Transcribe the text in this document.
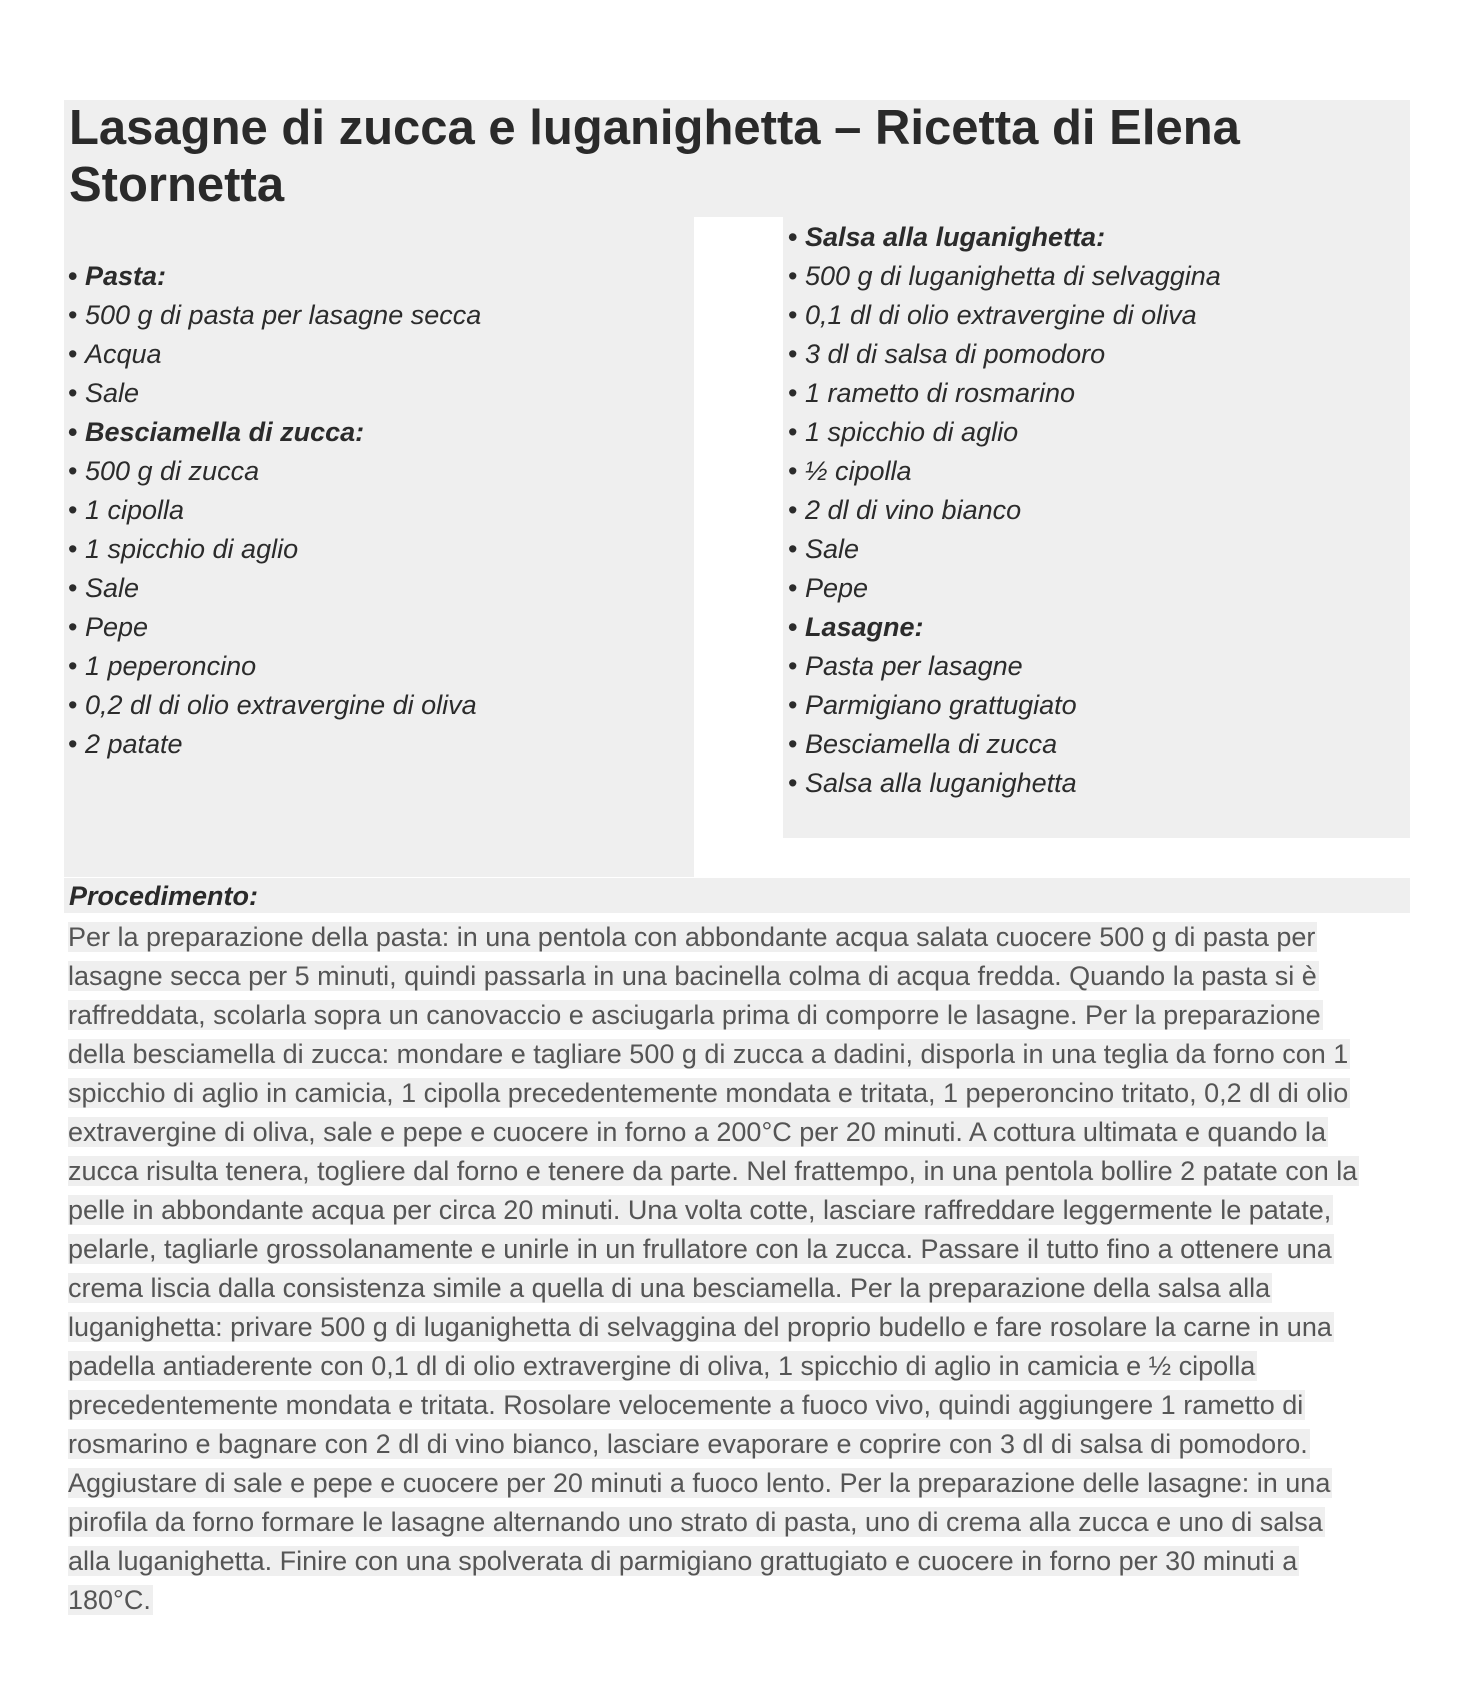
Lasagne di zucca e luganighetta – Ricetta di Elena Stornetta
• Pasta:
• 500 g di pasta per lasagne secca
• Acqua
• Sale
• Besciamella di zucca:
• 500 g di zucca
• 1 cipolla
• 1 spicchio di aglio
• Sale
• Pepe
• 1 peperoncino
• 0,2 dl di olio extravergine di oliva
• 2 patate
• Salsa alla luganighetta:
• 500 g di luganighetta di selvaggina
• 0,1 dl di olio extravergine di oliva
• 3 dl di salsa di pomodoro
• 1 rametto di rosmarino
• 1 spicchio di aglio
• ½ cipolla
• 2 dl di vino bianco
• Sale
• Pepe
• Lasagne:
• Pasta per lasagne
• Parmigiano grattugiato
• Besciamella di zucca
• Salsa alla luganighetta
Procedimento:
Per la preparazione della pasta: in una pentola con abbondante acqua salata cuocere 500 g di pasta per
lasagne secca per 5 minuti, quindi passarla in una bacinella colma di acqua fredda. Quando la pasta si è
raffreddata, scolarla sopra un canovaccio e asciugarla prima di comporre le lasagne. Per la preparazione
della besciamella di zucca: mondare e tagliare 500 g di zucca a dadini, disporla in una teglia da forno con 1
spicchio di aglio in camicia, 1 cipolla precedentemente mondata e tritata, 1 peperoncino tritato, 0,2 dl di olio
extravergine di oliva, sale e pepe e cuocere in forno a 200°C per 20 minuti. A cottura ultimata e quando la
zucca risulta tenera, togliere dal forno e tenere da parte. Nel frattempo, in una pentola bollire 2 patate con la
pelle in abbondante acqua per circa 20 minuti. Una volta cotte, lasciare raffreddare leggermente le patate,
pelarle, tagliarle grossolanamente e unirle in un frullatore con la zucca. Passare il tutto fino a ottenere una
crema liscia dalla consistenza simile a quella di una besciamella. Per la preparazione della salsa alla
luganighetta: privare 500 g di luganighetta di selvaggina del proprio budello e fare rosolare la carne in una
padella antiaderente con 0,1 dl di olio extravergine di oliva, 1 spicchio di aglio in camicia e ½ cipolla
precedentemente mondata e tritata. Rosolare velocemente a fuoco vivo, quindi aggiungere 1 rametto di
rosmarino e bagnare con 2 dl di vino bianco, lasciare evaporare e coprire con 3 dl di salsa di pomodoro.
Aggiustare di sale e pepe e cuocere per 20 minuti a fuoco lento. Per la preparazione delle lasagne: in una
pirofila da forno formare le lasagne alternando uno strato di pasta, uno di crema alla zucca e uno di salsa
alla luganighetta. Finire con una spolverata di parmigiano grattugiato e cuocere in forno per 30 minuti a
180°C.
